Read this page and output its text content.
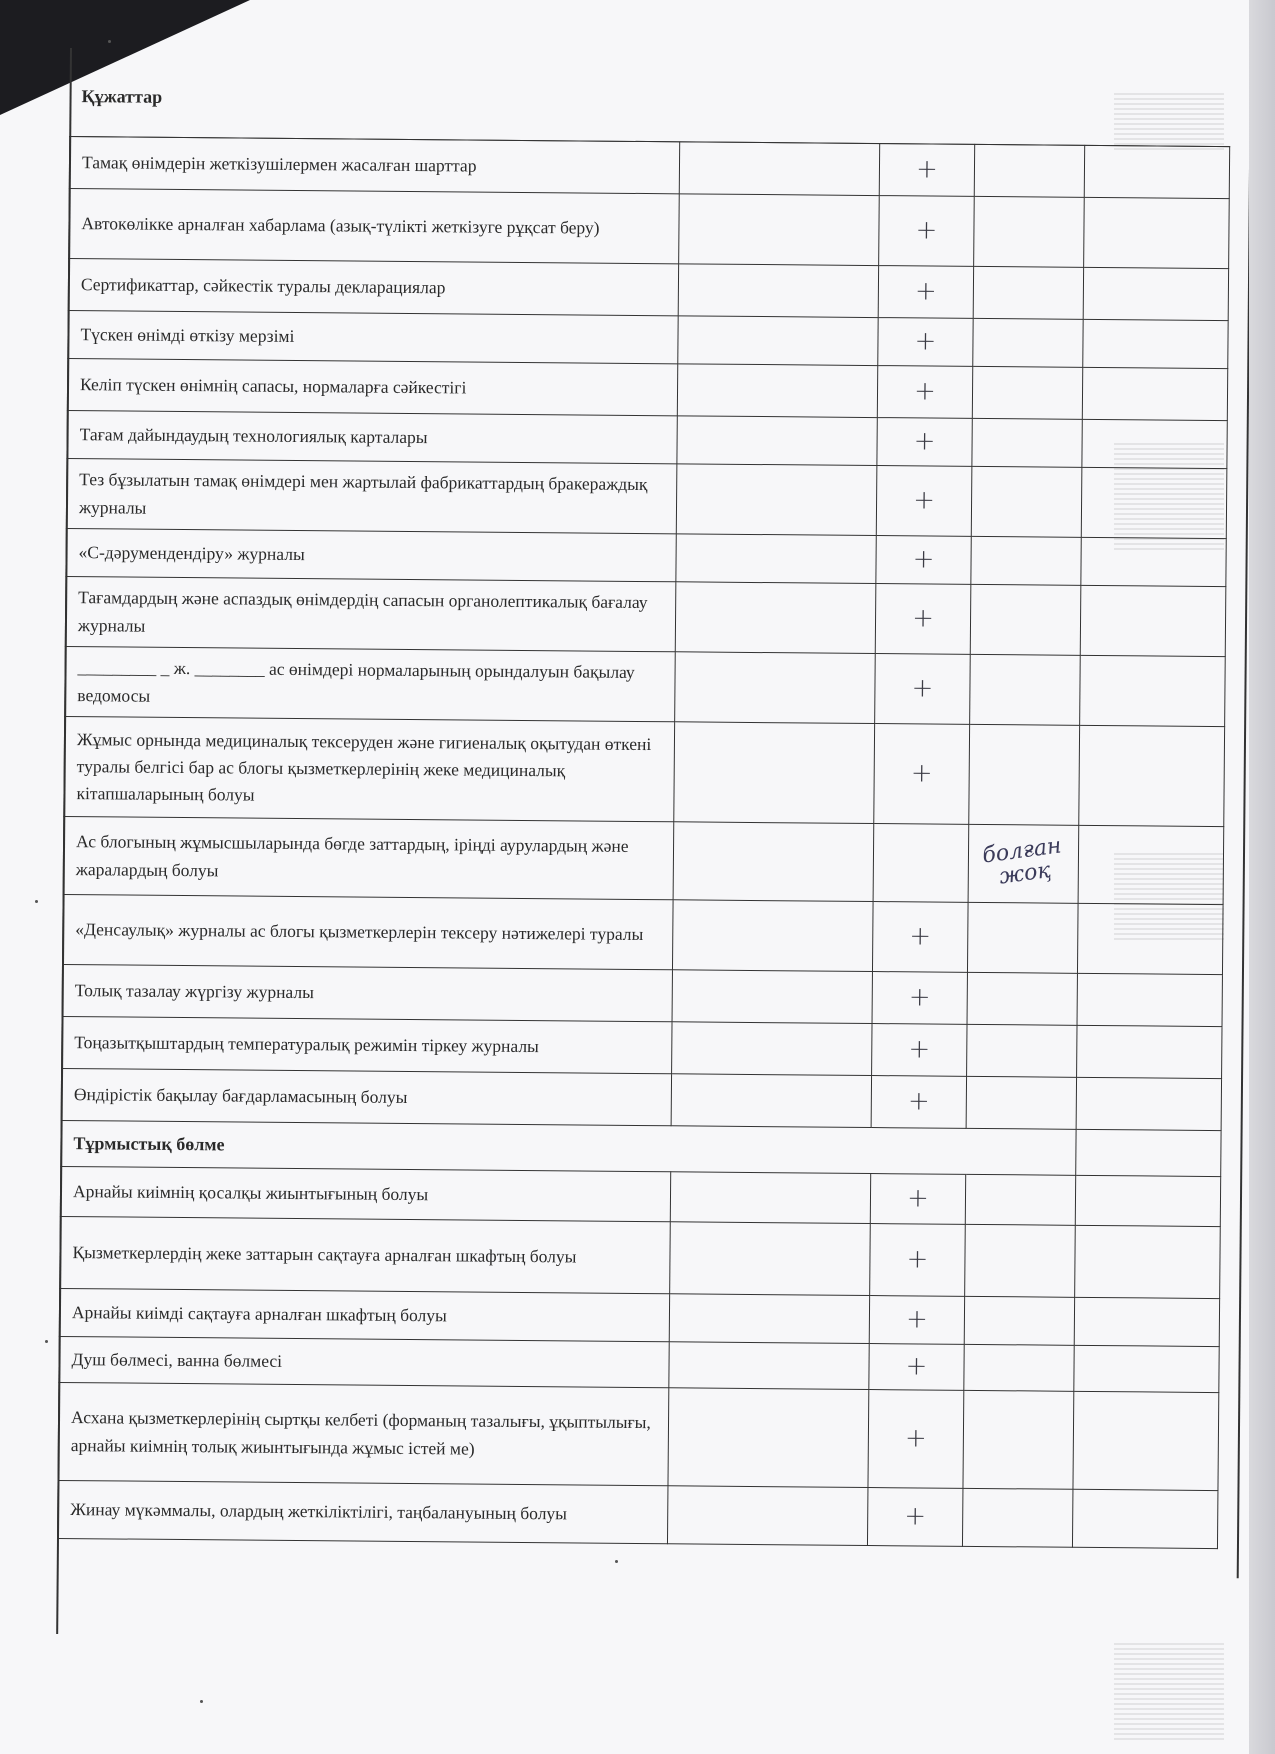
Құжаттар
Тамақ өнімдерін жеткізушілермен жасалған шарттар		+		
Автокөлікке арналған хабарлама (азық-түлікті жеткізуге рұқсат беру)		+		
Сертификаттар, сәйкестік туралы декларациялар		+		
Түскен өнімді өткізу мерзімі		+		
Келіп түскен өнімнің сапасы, нормаларға сәйкестігі		+		
Тағам дайындаудың технологиялық карталары		+		
Тез бұзылатын тамақ өнімдері мен жартылай фабрикаттардың бракераждық журналы		+		
«С-дәрумендендіру» журналы		+		
Тағамдардың және аспаздық өнімдердің сапасын органолептикалық бағалау журналы		+		
_________ _ ж. ________ ас өнімдері нормаларының орындалуын бақылау ведомосы		+		
Жұмыс орнында медициналық тексеруден және гигиеналық оқытудан өткені туралы белгісі бар ас блогы қызметкерлерінің жеке медициналық кітапшаларының болуы		+		
Ас блогының жұмысшыларында бөгде заттардың, іріңді аурулардың және жаралардың болуы			болған жоқ	
«Денсаулық» журналы ас блогы қызметкерлерін тексеру нәтижелері туралы		+		
Толық тазалау жүргізу журналы		+		
Тоңазытқыштардың температуралық режимін тіркеу журналы		+		
Өндірістік бақылау бағдарламасының болуы		+		
Тұрмыстық бөлме				
Арнайы киімнің қосалқы жиынтығының болуы		+		
Қызметкерлердің жеке заттарын сақтауға арналған шкафтың болуы		+		
Арнайы киімді сақтауға арналған шкафтың болуы		+		
Душ бөлмесі, ванна бөлмесі		+		
Асхана қызметкерлерінің сыртқы келбеті (форманың тазалығы, ұқыптылығы, арнайы киімнің толық жиынтығында жұмыс істей ме)		+		
Жинау мүкәммалы, олардың жеткіліктілігі, таңбалануының болуы		+		
